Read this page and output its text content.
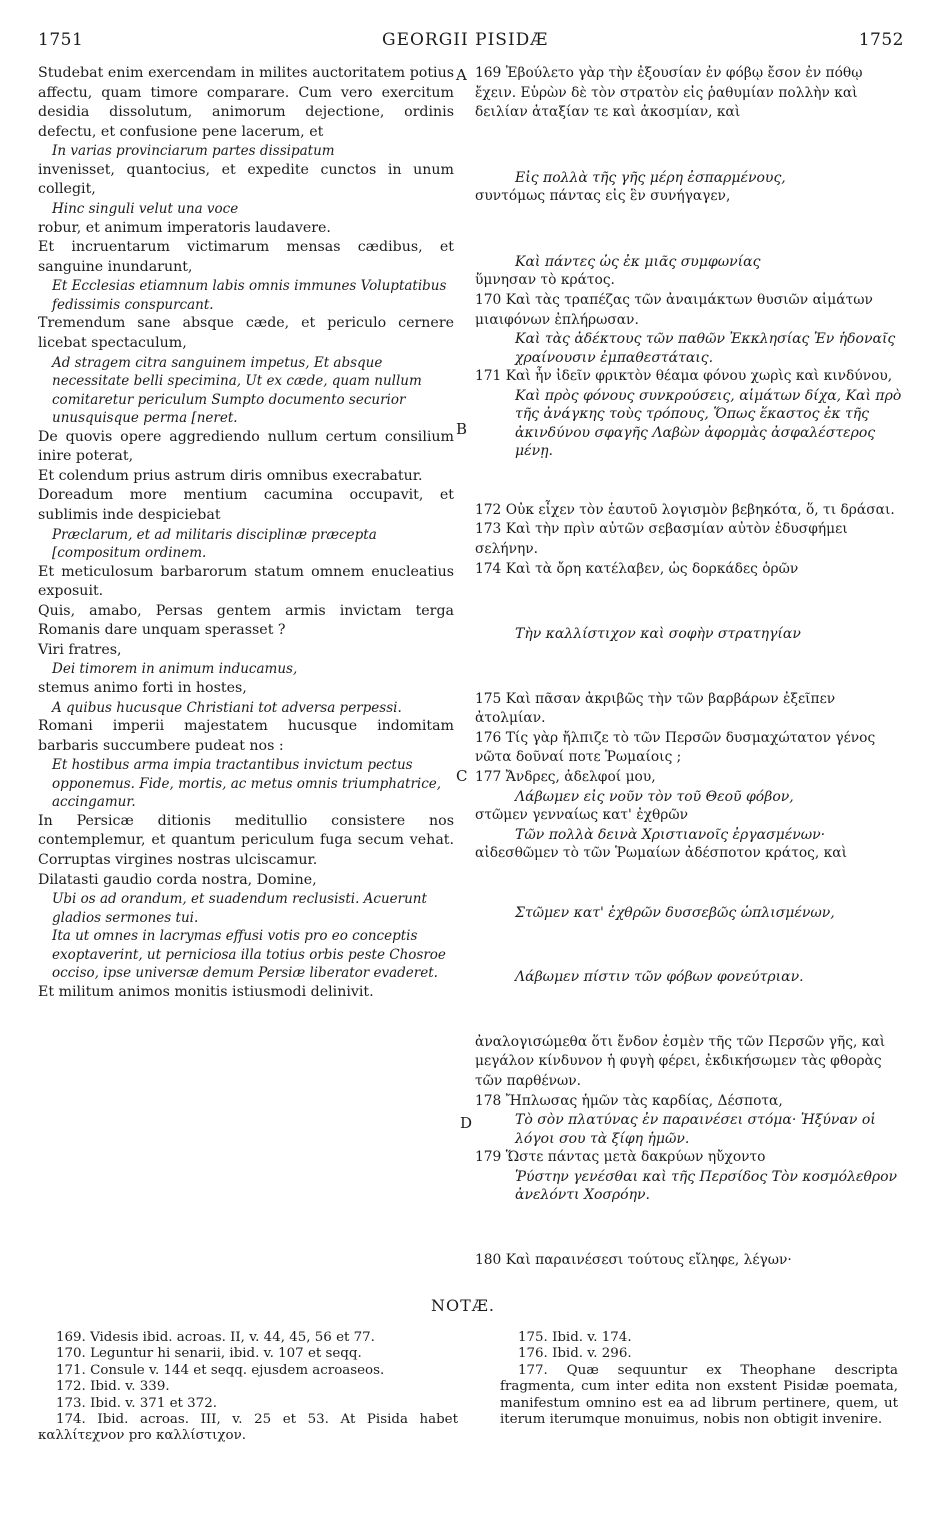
1751	GEORGII PISIDÆ	1752
A
B
C
D

Studebat enim exercendam in milites auctoritatem potius affectu, quam timore comparare. Cum vero exercitum desidia dissolutum, animorum dejectione, ordinis defectu, et confusione pene lacerum, et

In varias provinciarum partes dissipatum

invenisset, quantocius, et expedite cunctos in unum collegit,

Hinc singuli velut una voce

robur, et animum imperatoris laudavere.

Et incruentarum victimarum mensas cædibus, et sanguine inundarunt,

Et Ecclesias etiamnum labis omnis immunes Voluptatibus fedissimis conspurcant.

Tremendum sane absque cæde, et periculo cernere licebat spectaculum,

Ad stragem citra sanguinem impetus, Et absque necessitate belli specimina, Ut ex cæde, quam nullum comitaretur periculum Sumpto documento securior unusquisque perma [neret.

De quovis opere aggrediendo nullum certum consilium inire poterat,

Et colendum prius astrum diris omnibus execrabatur.

Doreadum more mentium cacumina occupavit, et sublimis inde despiciebat

Præclarum, et ad militaris disciplinæ præcepta [compositum ordinem.

Et meticulosum barbarorum statum omnem enucleatius exposuit.

Quis, amabo, Persas gentem armis invictam terga Romanis dare unquam sperasset ?

Viri fratres,

Dei timorem in animum inducamus,

stemus animo forti in hostes,

A quibus hucusque Christiani tot adversa perpessi.

Romani imperii majestatem hucusque indomitam barbaris succumbere pudeat nos :

Et hostibus arma impia tractantibus invictum pectus opponemus. Fide, mortis, ac metus omnis triumphatrice, accingamur.

In Persicæ ditionis meditullio consistere nos contemplemur, et quantum periculum fuga secum vehat. Corruptas virgines nostras ulciscamur.

Dilatasti gaudio corda nostra, Domine,

Ubi os ad orandum, et suadendum reclusisti. Acuerunt gladios sermones tui.

Ita ut omnes in lacrymas effusi votis pro eo conceptis exoptaverint, ut perniciosa illa totius orbis peste Chosroe occiso, ipse universæ demum Persiæ liberator evaderet.

Et militum animos monitis istiusmodi delinivit.

169 Ἐβούλετο γὰρ τὴν ἐξουσίαν ἐν φόβῳ ἔσον ἐν πόθῳ ἔχειν. Εὑρὼν δὲ τὸν στρατὸν εἰς ῥαθυμίαν πολλὴν καὶ δειλίαν ἀταξίαν τε καὶ ἀκοσμίαν, καὶ

Εἰς πολλὰ τῆς γῆς μέρη ἐσπαρμένους,

συντόμως πάντας εἰς ἓν συνήγαγεν,

Καὶ πάντες ὡς ἐκ μιᾶς συμφωνίας

ὕμνησαν τὸ κράτος.

170 Καὶ τὰς τραπέζας τῶν ἀναιμάκτων θυσιῶν αἱμάτων μιαιφόνων ἐπλήρωσαν.

Καὶ τὰς ἀδέκτους τῶν παθῶν Ἐκκλησίας Ἐν ἡδοναῖς χραίνουσιν ἐμπαθεστάταις.

171 Καὶ ἦν ἰδεῖν φρικτὸν θέαμα φόνου χωρὶς καὶ κινδύνου,

Καὶ πρὸς φόνους συνκρούσεις, αἱμάτων δίχα, Καὶ πρὸ τῆς ἀνάγκης τοὺς τρόπους, Ὅπως ἕκαστος ἐκ τῆς ἀκινδύνου σφαγῆς Λαβὼν ἀφορμὰς ἀσφαλέστερος μένῃ.

172 Οὐκ εἶχεν τὸν ἑαυτοῦ λογισμὸν βεβηκότα, ὅ, τι δράσαι.

173 Καὶ τὴν πρὶν αὐτῶν σεβασμίαν αὐτὸν ἐδυσφήμει σελήνην.

174 Καὶ τὰ ὄρη κατέλαβεν, ὡς δορκάδες ὁρῶν

Τὴν καλλίστιχον καὶ σοφὴν στρατηγίαν

175 Καὶ πᾶσαν ἀκριβῶς τὴν τῶν βαρβάρων ἐξεῖπεν ἀτολμίαν.

176 Τίς γὰρ ἤλπιζε τὸ τῶν Περσῶν δυσμαχώτατον γένος νῶτα δοῦναί ποτε Ῥωμαίοις ;

177 Ἄνδρες, ἀδελφοί μου,

Λάβωμεν εἰς νοῦν τὸν τοῦ Θεοῦ φόβον,

στῶμεν γενναίως κατ' ἐχθρῶν

Τῶν πολλὰ δεινὰ Χριστιανοῖς ἐργασμένων·

αἰδεσθῶμεν τὸ τῶν Ῥωμαίων ἀδέσποτον κράτος, καὶ

Στῶμεν κατ' ἐχθρῶν δυσσεβῶς ὡπλισμένων,

Λάβωμεν πίστιν τῶν φόβων φονεύτριαν.

ἀναλογισώμεθα ὅτι ἔνδον ἐσμὲν τῆς τῶν Περσῶν γῆς, καὶ μεγάλον κίνδυνον ἡ φυγὴ φέρει, ἐκδικήσωμεν τὰς φθορὰς τῶν παρθένων.

178 Ἤπλωσας ἡμῶν τὰς καρδίας, Δέσποτα,

Τὸ σὸν πλατύνας ἐν παραινέσει στόμα· Ἠξύναν οἱ λόγοι σου τὰ ξίφη ἡμῶν.

179 Ὥστε πάντας μετὰ δακρύων ηὔχοντο

Ῥύστην γενέσθαι καὶ τῆς Περσίδος Τὸν κοσμόλεθρον ἀνελόντι Χοσρόην.

180 Καὶ παραινέσεσι τούτους εἴληφε, λέγων·

NOTÆ.

169. Videsis ibid. acroas. II, v. 44, 45, 56 et 77.

170. Leguntur hi senarii, ibid. v. 107 et seqq.

171. Consule v. 144 et seqq. ejusdem acroaseos.

172. Ibid. v. 339.

173. Ibid. v. 371 et 372.

174. Ibid. acroas. III, v. 25 et 53. At Pisida habet καλλίτεχνον pro καλλίστιχον.

175. Ibid. v. 174.

176. Ibid. v. 296.

177. Quæ sequuntur ex Theophane descripta fragmenta, cum inter edita non exstent Pisidæ poemata, manifestum omnino est ea ad librum pertinere, quem, ut iterum iterumque monuimus, nobis non obtigit invenire.
